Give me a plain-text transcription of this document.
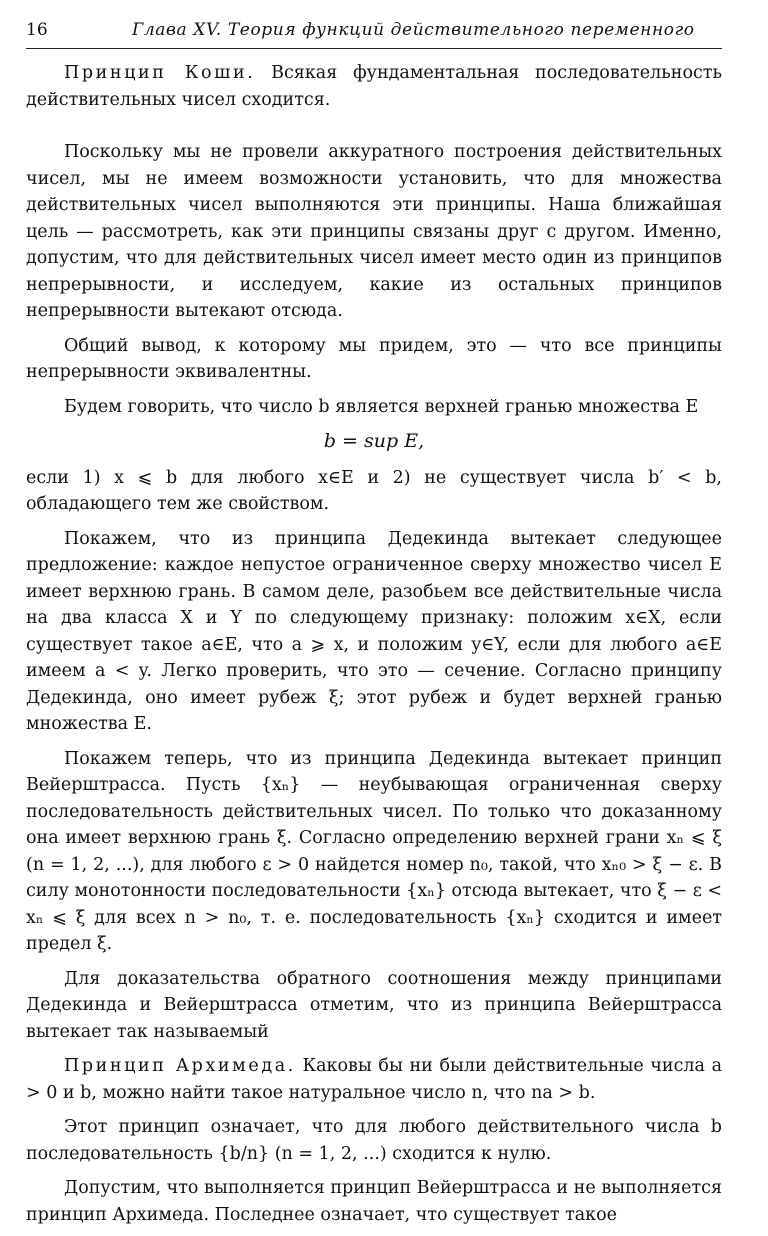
16	Глава XV. Теория функций действительного переменного

Принцип Коши. Всякая фундаментальная последовательность действительных чисел сходится.

Поскольку мы не провели аккуратного построения действительных чисел, мы не имеем возможности установить, что для множества действительных чисел выполняются эти принципы. Наша ближайшая цель — рассмотреть, как эти принципы связаны друг с другом. Именно, допустим, что для действительных чисел имеет место один из принципов непрерывности, и исследуем, какие из остальных принципов непрерывности вытекают отсюда.

Общий вывод, к которому мы придем, это — что все принципы непрерывности эквивалентны.

Будем говорить, что число b является верхней гранью множества E

b = sup E,

если 1) x ⩽ b для любого x∈E и 2) не существует числа b′ < b, обладающего тем же свойством.

Покажем, что из принципа Дедекинда вытекает следующее предложение: каждое непустое ограниченное сверху множество чисел E имеет верхнюю грань. В самом деле, разобьем все действительные числа на два класса X и Y по следующему признаку: положим x∈X, если существует такое a∈E, что a ⩾ x, и положим y∈Y, если для любого a∈E имеем a < y. Легко проверить, что это — сечение. Согласно принципу Дедекинда, оно имеет рубеж ξ; этот рубеж и будет верхней гранью множества E.

Покажем теперь, что из принципа Дедекинда вытекает принцип Вейерштрасса. Пусть {xₙ} — неубывающая ограниченная сверху последовательность действительных чисел. По только что доказанному она имеет верхнюю грань ξ. Согласно определению верхней грани xₙ ⩽ ξ (n = 1, 2, ...), для любого ε > 0 найдется номер n₀, такой, что xₙ₀ > ξ − ε. В силу монотонности последовательности {xₙ} отсюда вытекает, что ξ − ε < xₙ ⩽ ξ для всех n > n₀, т. е. последовательность {xₙ} сходится и имеет предел ξ.

Для доказательства обратного соотношения между принципами Дедекинда и Вейерштрасса отметим, что из принципа Вейерштрасса вытекает так называемый

Принцип Архимеда. Каковы бы ни были действительные числа a > 0 и b, можно найти такое натуральное число n, что na > b.

Этот принцип означает, что для любого действительного числа b последовательность {b/n} (n = 1, 2, ...) сходится к нулю.

Допустим, что выполняется принцип Вейерштрасса и не выполняется принцип Архимеда. Последнее означает, что существует такое
